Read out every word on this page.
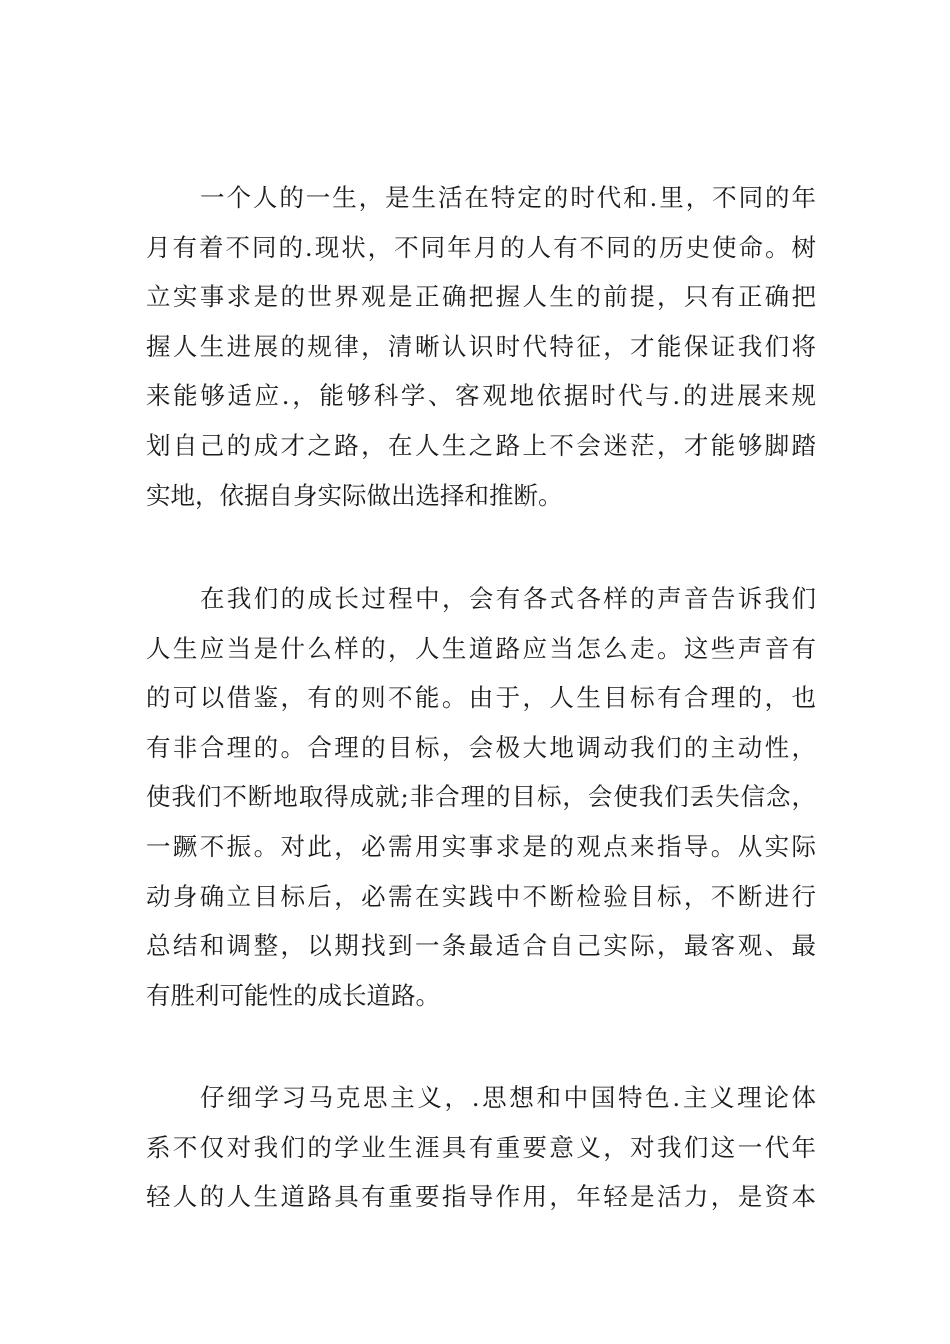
一个人的一生，是生活在特定的时代和.里，不同的年
月有着不同的.现状，不同年月的人有不同的历史使命。树
立实事求是的世界观是正确把握人生的前提，只有正确把
握人生进展的规律，清晰认识时代特征，才能保证我们将
来能够适应.，能够科学、客观地依据时代与.的进展来规
划自己的成才之路，在人生之路上不会迷茫，才能够脚踏
实地，依据自身实际做出选择和推断。
在我们的成长过程中，会有各式各样的声音告诉我们
人生应当是什么样的，人生道路应当怎么走。这些声音有
的可以借鉴，有的则不能。由于，人生目标有合理的，也
有非合理的。合理的目标，会极大地调动我们的主动性，
使我们不断地取得成就;非合理的目标，会使我们丢失信念，
一蹶不振。对此，必需用实事求是的观点来指导。从实际
动身确立目标后，必需在实践中不断检验目标，不断进行
总结和调整，以期找到一条最适合自己实际，最客观、最
有胜利可能性的成长道路。
仔细学习马克思主义，.思想和中国特色.主义理论体
系不仅对我们的学业生涯具有重要意义，对我们这一代年
轻人的人生道路具有重要指导作用，年轻是活力，是资本
